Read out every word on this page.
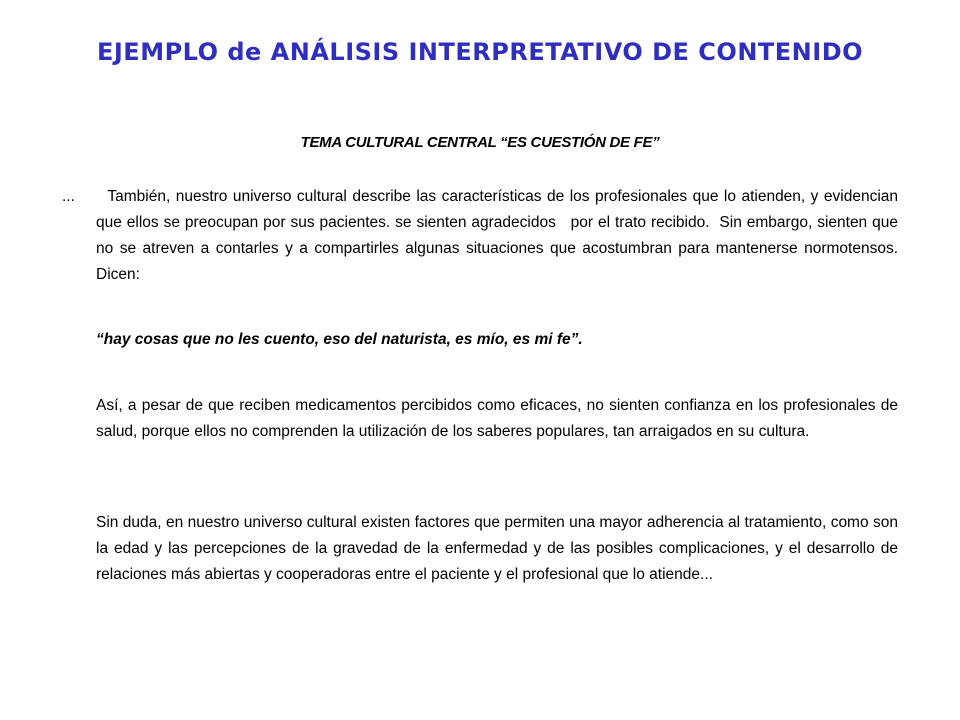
EJEMPLO de ANÁLISIS INTERPRETATIVO DE CONTENIDO
TEMA CULTURAL CENTRAL “ES CUESTIÓN DE FE”
...      También, nuestro universo cultural describe las características de los profesionales que lo atienden, y evidencian que ellos se preocupan por sus pacientes. se sienten agradecidos   por el trato recibido.  Sin embargo, sienten que no se atreven a contarles y a compartirles algunas situaciones que acostumbran para mantenerse normotensos. Dicen:
“hay cosas que no les cuento, eso del naturista, es mío, es mi fe”.
Así, a pesar de que reciben medicamentos percibidos como eficaces, no sienten confianza en los profesionales de salud, porque ellos no comprenden la utilización de los saberes populares, tan arraigados en su cultura.
Sin duda, en nuestro universo cultural existen factores que permiten una mayor adherencia al tratamiento, como son la edad y las percepciones de la gravedad de la enfermedad y de las posibles complicaciones, y el desarrollo de relaciones más abiertas y cooperadoras entre el paciente y el profesional que lo atiende...
